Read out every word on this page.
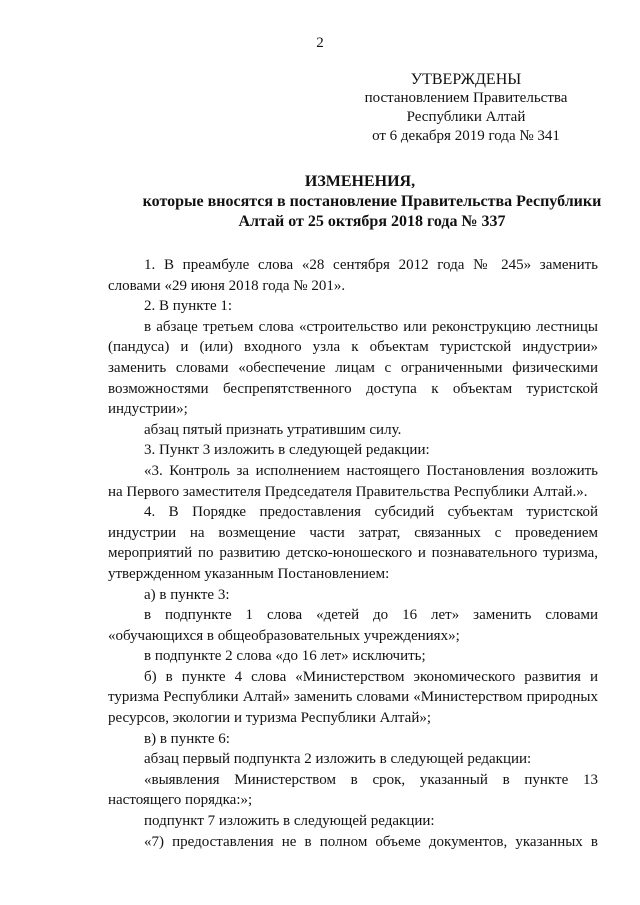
2
УТВЕРЖДЕНЫ
постановлением Правительства
Республики Алтай
от 6 декабря 2019 года № 341
ИЗМЕНЕНИЯ,
которые вносятся в постановление Правительства Республики
Алтай от 25 октября 2018 года № 337

1. В преамбуле слова «28 сентября 2012 года № 245» заменить словами «29 июня 2018 года № 201».

2. В пункте 1:

в абзаце третьем слова «строительство или реконструкцию лестницы (пандуса) и (или) входного узла к объектам туристской индустрии» заменить словами «обеспечение лицам с ограниченными физическими возможностями беспрепятственного доступа к объектам туристской индустрии»;

абзац пятый признать утратившим силу.

3. Пункт 3 изложить в следующей редакции:

«3. Контроль за исполнением настоящего Постановления возложить на Первого заместителя Председателя Правительства Республики Алтай.».

4. В Порядке предоставления субсидий субъектам туристской индустрии на возмещение части затрат, связанных с проведением мероприятий по развитию детско-юношеского и познавательного туризма, утвержденном указанным Постановлением:

а) в пункте 3:

в подпункте 1 слова «детей до 16 лет» заменить словами «обучающихся в общеобразовательных учреждениях»;

в подпункте 2 слова «до 16 лет» исключить;

б) в пункте 4 слова «Министерством экономического развития и туризма Республики Алтай» заменить словами «Министерством природных ресурсов, экологии и туризма Республики Алтай»;

в) в пункте 6:

абзац первый подпункта 2 изложить в следующей редакции:

«выявления Министерством в срок, указанный в пункте 13 настоящего порядка:»;

подпункт 7 изложить в следующей редакции:

«7) предоставления не в полном объеме документов, указанных в
